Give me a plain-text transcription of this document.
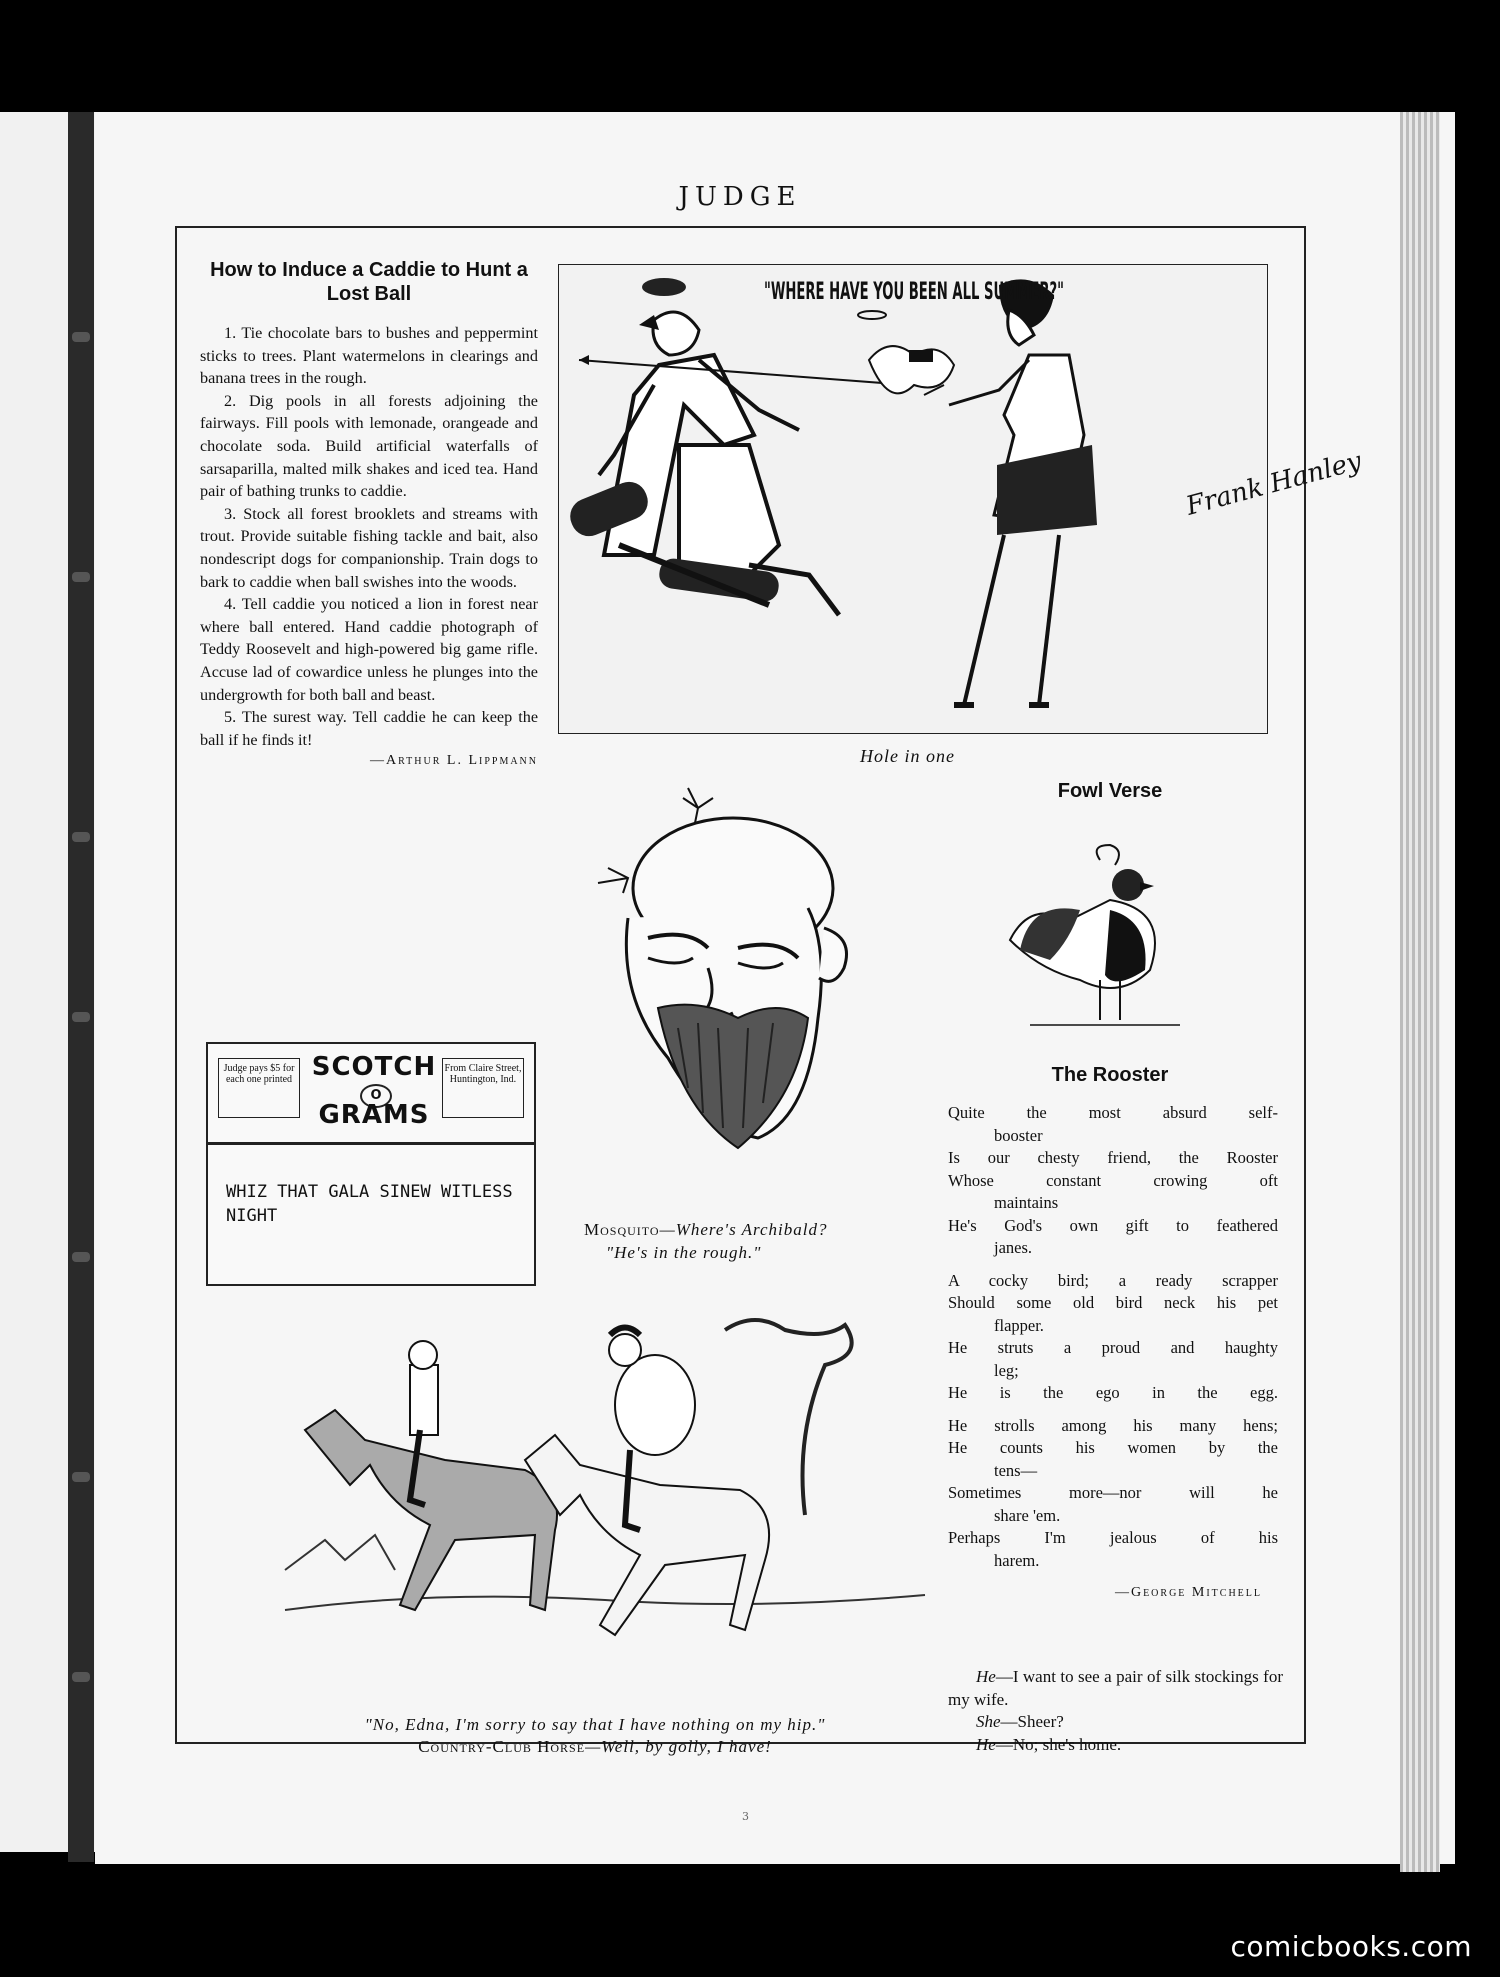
JUDGE
How to Induce a Caddie to Hunt a Lost Ball

1. Tie chocolate bars to bushes and peppermint sticks to trees. Plant watermelons in clearings and banana trees in the rough.

2. Dig pools in all forests adjoining the fairways. Fill pools with lemonade, orangeade and chocolate soda. Build artificial waterfalls of sarsaparilla, malted milk shakes and iced tea. Hand pair of bathing trunks to caddie.

3. Stock all forest brooklets and streams with trout. Provide suitable fishing tackle and bait, also nondescript dogs for companionship. Train dogs to bark to caddie when ball swishes into the woods.

4. Tell caddie you noticed a lion in forest near where ball entered. Hand caddie photograph of Teddy Roosevelt and high-powered big game rifle. Accuse lad of cowardice unless he plunges into the undergrowth for both ball and beast.

5. The surest way. Tell caddie he can keep the ball if he finds it!

—Arthur L. Lippmann
Judge pays $5 for each one printed SCOTCH
O
GRAMS
From Claire Street, Huntington, Ind.
WHIZ THAT GALA SINEW WITLESS NIGHT
Frank Hanley
"WHERE HAVE YOU BEEN ALL SUMMER?"
Hole in one
Mosquito—Where's Archibald?
"He's in the rough."
"No, Edna, I'm sorry to say that I have nothing on my hip."
Country-Club Horse—Well, by golly, I have!
Fowl Verse
The Rooster
Quite the most absurd self-
booster
Is our chesty friend, the Rooster
Whose constant crowing oft
maintains
He's God's own gift to feathered
janes.
A cocky bird; a ready scrapper
Should some old bird neck his pet
flapper.
He struts a proud and haughty
leg;
He is the ego in the egg.
He strolls among his many hens;
He counts his women by the
tens—
Sometimes more—nor will he
share 'em.
Perhaps I'm jealous of his
harem.
—George Mitchell
He—I want to see a pair of silk stockings for my wife.
She—Sheer?
He—No; she's home.
3
comicbooks.com
